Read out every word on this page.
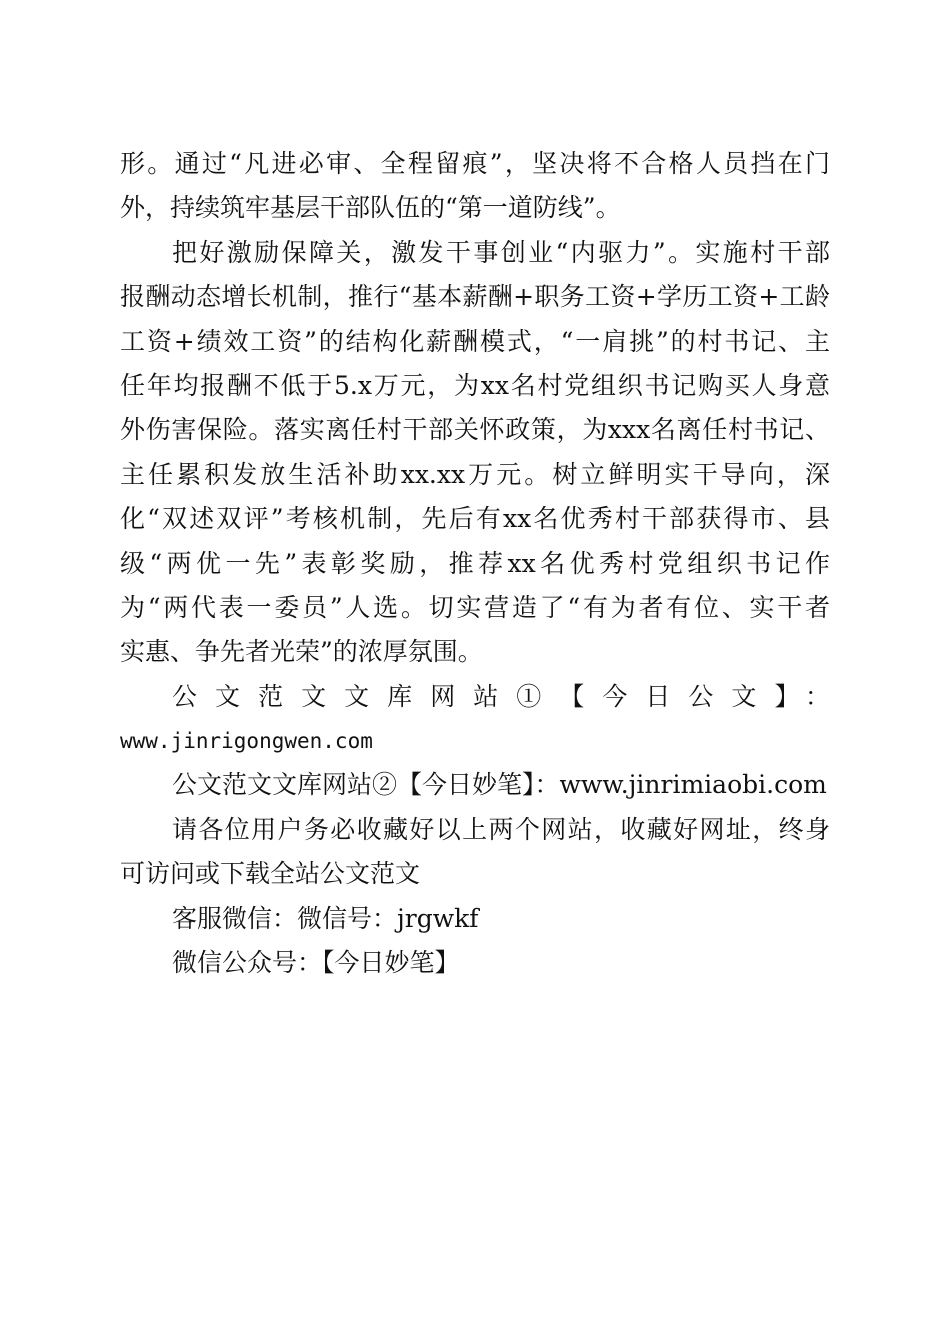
形。通过“凡进必审、全程留痕”，坚决将不合格人员挡在门
外，持续筑牢基层干部队伍的“第一道防线”。
把好激励保障关，激发干事创业“内驱力”。实施村干部
报酬动态增长机制，推行“基本薪酬+职务工资+学历工资+工龄
工资+绩效工资”的结构化薪酬模式，“一肩挑”的村书记、主
任年均报酬不低于5.x万元，为xx名村党组织书记购买人身意
外伤害保险。落实离任村干部关怀政策，为xxx名离任村书记、
主任累积发放生活补助xx.xx万元。树立鲜明实干导向，深
化“双述双评”考核机制，先后有xx名优秀村干部获得市、县
级“两优一先”表彰奖励，推荐xx名优秀村党组织书记作
为“两代表一委员”人选。切实营造了“有为者有位、实干者
实惠、争先者光荣”的浓厚氛围。
公文范文文库网站①【今日公文】：
www.jinrigongwen.com
公文范文文库网站②【今日妙笔】：www.jinrimiaobi.com
请各位用户务必收藏好以上两个网站，收藏好网址，终身
可访问或下载全站公文范文
客服微信：微信号：jrgwkf
微信公众号：【今日妙笔】
